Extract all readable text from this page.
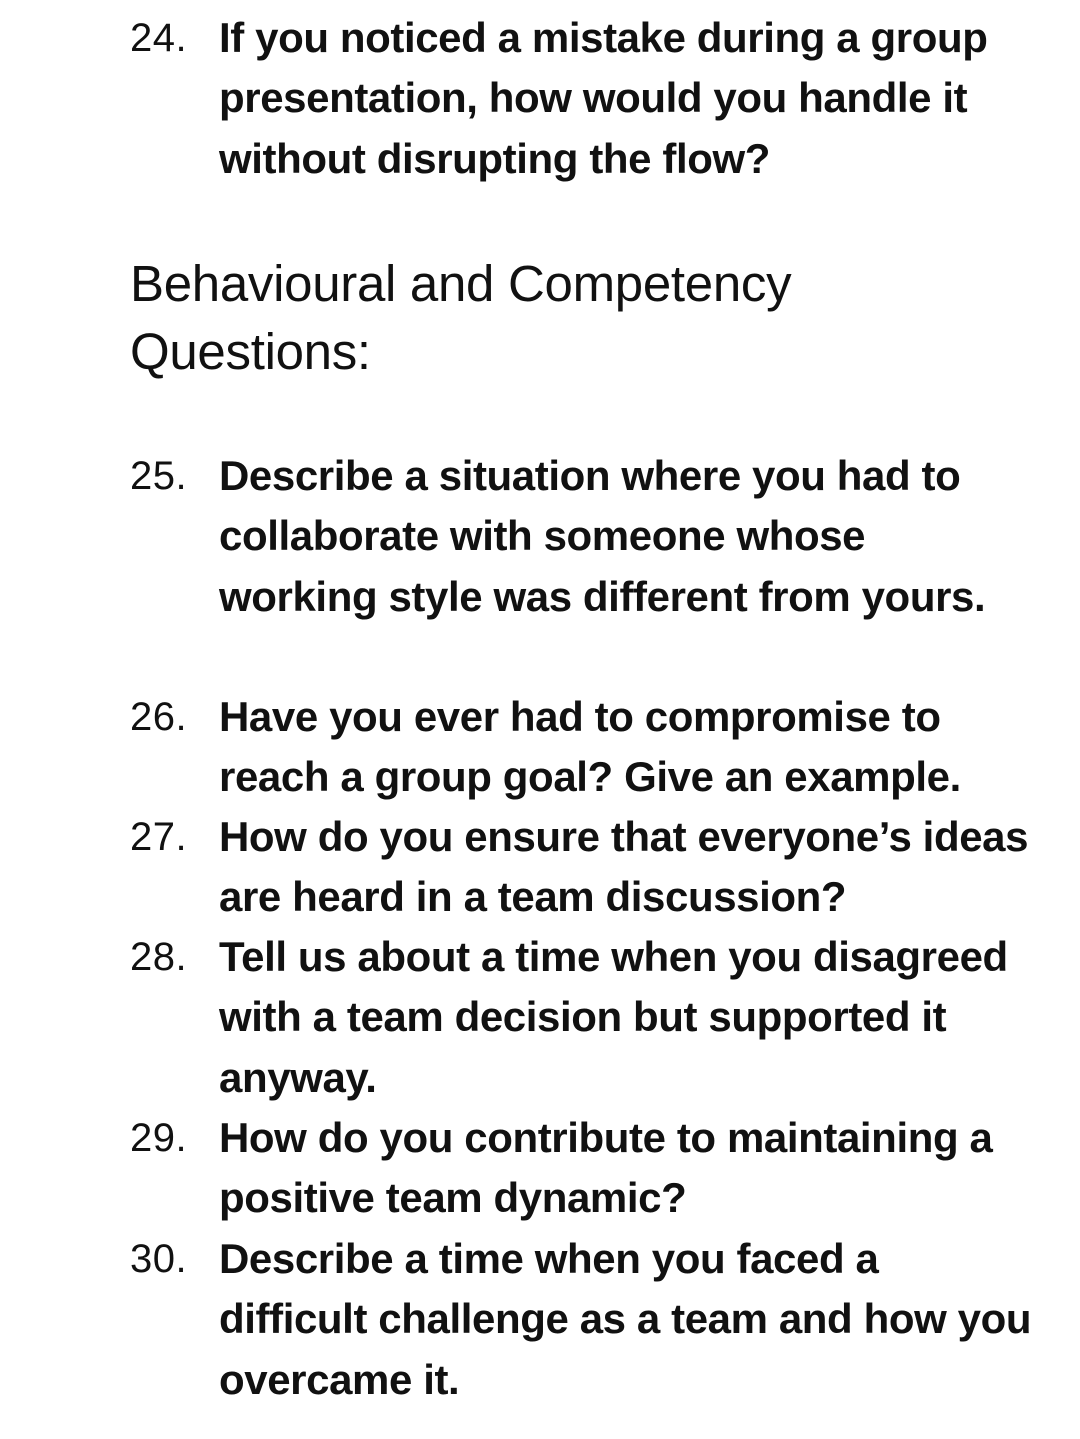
24. If you noticed a mistake during a group presentation, how would you handle it without disrupting the flow?
Behavioural and Competency Questions:
25. Describe a situation where you had to collaborate with someone whose working style was different from yours.
26. Have you ever had to compromise to reach a group goal? Give an example.
27. How do you ensure that everyone’s ideas are heard in a team discussion?
28. Tell us about a time when you disagreed with a team decision but supported it anyway.
29. How do you contribute to maintaining a positive team dynamic?
30. Describe a time when you faced a difficult challenge as a team and how you overcame it.
